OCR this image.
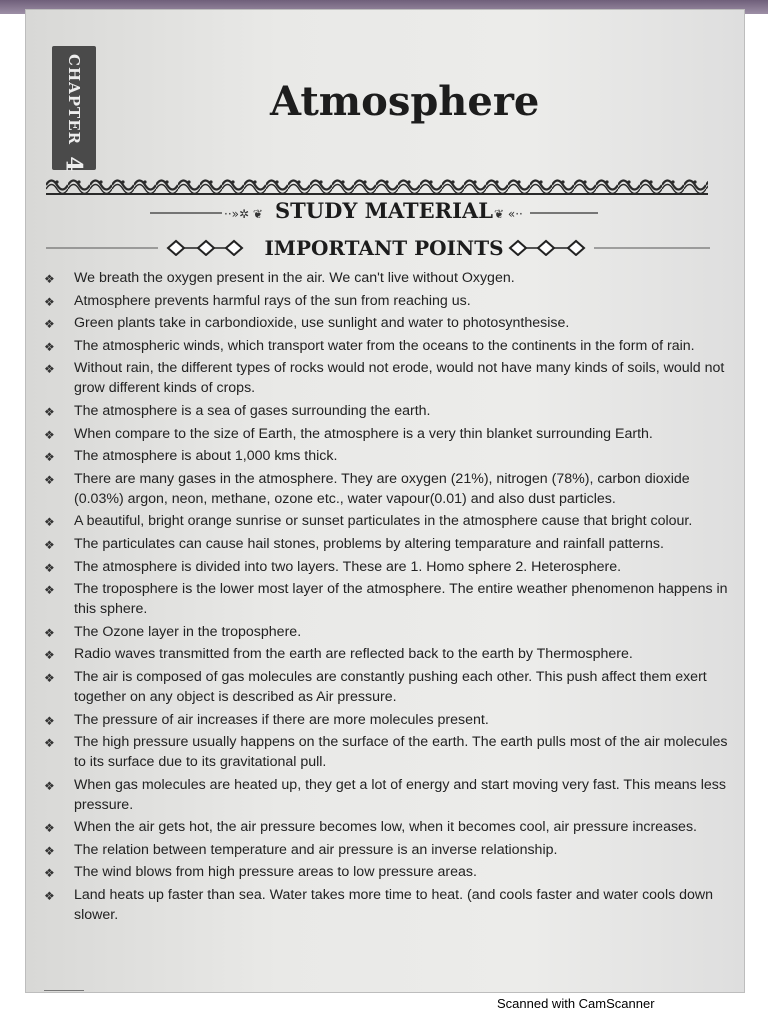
CHAPTER
4
Atmosphere
··»✲ ❦	❦ «··
STUDY MATERIAL
IMPORTANT POINTS
❖ We breath the oxygen present in the air. We can't live without Oxygen.
❖ Atmosphere prevents harmful rays of the sun from reaching us.
❖ Green plants take in carbondioxide, use sunlight and water to photosynthesise.
❖ The atmospheric winds, which transport water from the oceans to the continents in the form of rain.
❖ Without rain, the different types of rocks would not erode, would not have many kinds of soils, would not grow different kinds of crops.
❖ The atmosphere is a sea of gases surrounding the earth.
❖ When compare to the size of Earth, the atmosphere is a very thin blanket surrounding Earth.
❖ The atmosphere is about 1,000 kms thick.
❖ There are many gases in the atmosphere. They are oxygen (21%), nitrogen (78%), carbon dioxide (0.03%) argon, neon, methane, ozone etc., water vapour(0.01) and also dust particles.
❖ A beautiful, bright orange sunrise or sunset particulates in the atmosphere cause that bright colour.
❖ The particulates can cause hail stones, problems by altering temparature and rainfall patterns.
❖ The atmosphere is divided into two layers. These are 1. Homo sphere 2. Heterosphere.
❖ The troposphere is the lower most layer of the atmosphere. The entire weather phenomenon happens in this sphere.
❖ The Ozone layer in the troposphere.
❖ Radio waves transmitted from the earth are reflected back to the earth by Thermosphere.
❖ The air is composed of gas molecules are constantly pushing each other. This push affect them exert together on any object is described as Air pressure.
❖ The pressure of air increases if there are more molecules present.
❖ The high pressure usually happens on the surface of the earth. The earth pulls most of the air molecules to its surface due to its gravitational pull.
❖ When gas molecules are heated up, they get a lot of energy and start moving very fast. This means less pressure.
❖ When the air gets hot, the air pressure becomes low, when it becomes cool, air pressure increases.
❖ The relation between temperature and air pressure is an inverse relationship.
❖ The wind blows from high pressure areas to low pressure areas.
❖ Land heats up faster than sea. Water takes more time to heat. (and cools faster and water cools down slower.
Scanned with CamScanner
